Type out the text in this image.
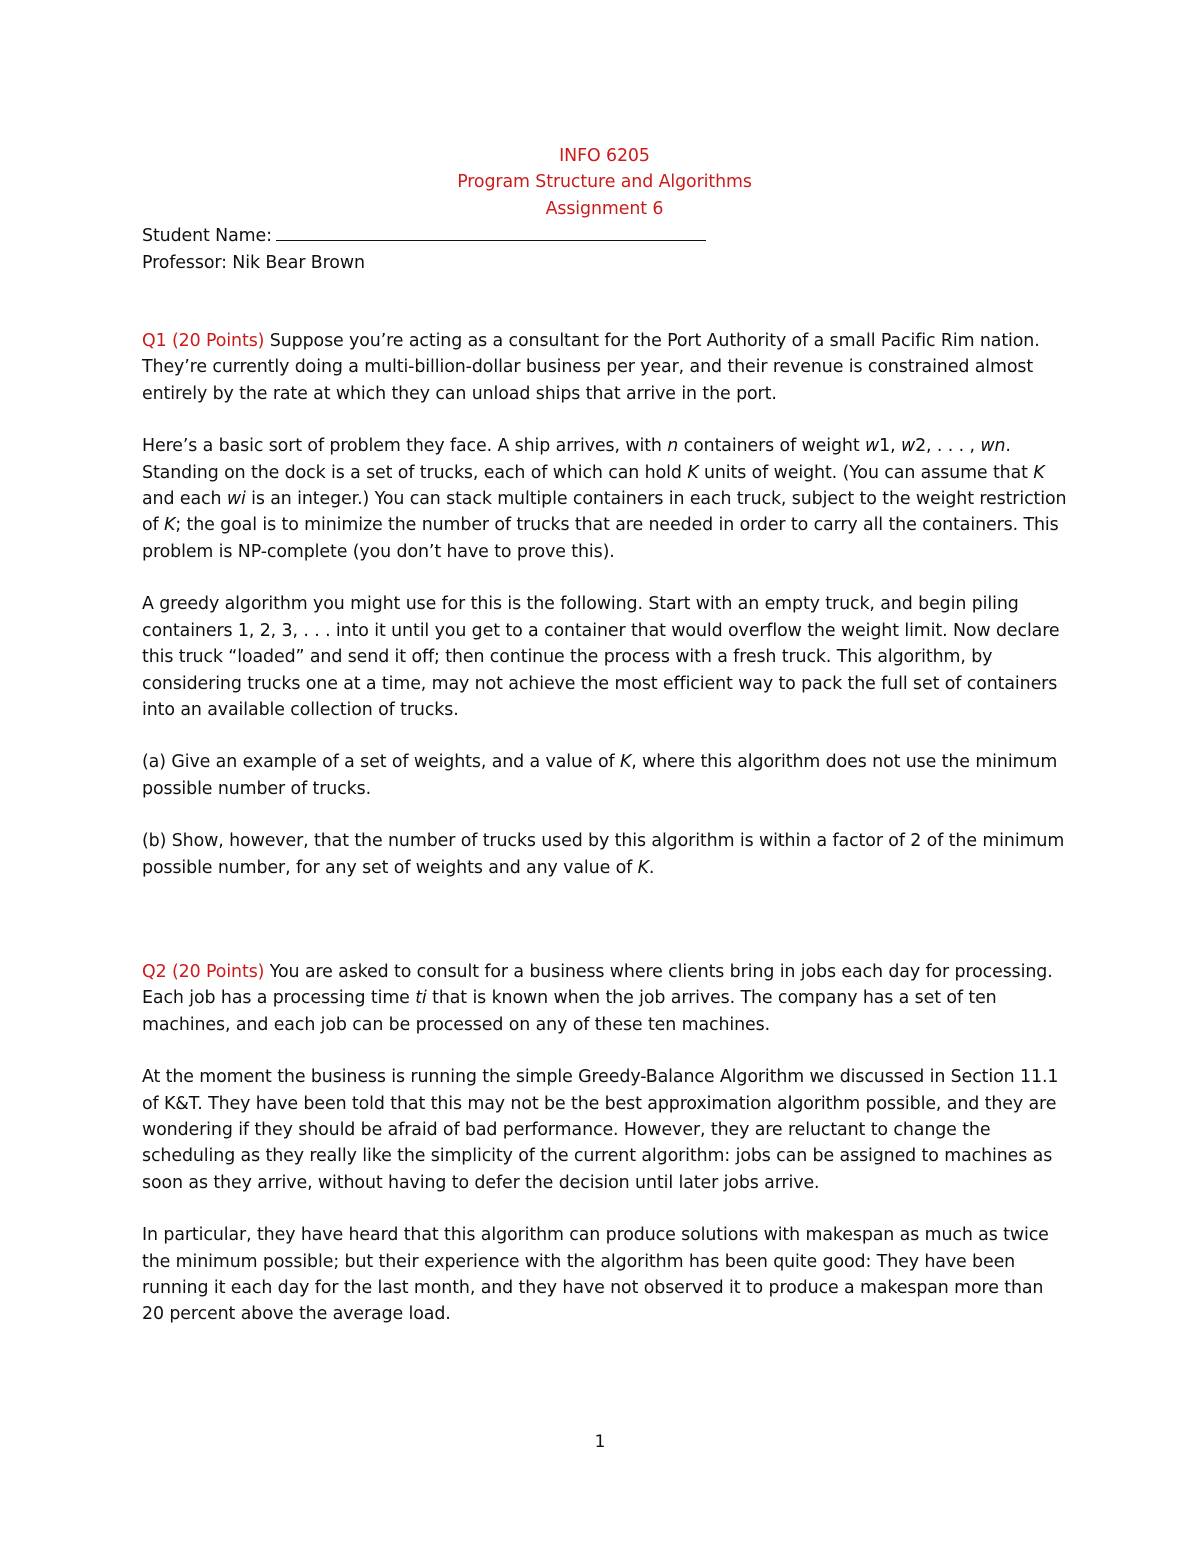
INFO 6205
Program Structure and Algorithms
Assignment 6
Student Name:
Professor: Nik Bear Brown

Q1 (20 Points) Suppose you’re acting as a consultant for the Port Authority of a small Pacific Rim nation. They’re currently doing a multi-billion-dollar business per year, and their revenue is constrained almost entirely by the rate at which they can unload ships that arrive in the port.

Here’s a basic sort of problem they face. A ship arrives, with n containers of weight w1, w2, . . . , wn. Standing on the dock is a set of trucks, each of which can hold K units of weight. (You can assume that K and each wi is an integer.) You can stack multiple containers in each truck, subject to the weight restriction of K; the goal is to minimize the number of trucks that are needed in order to carry all the containers. This problem is NP-complete (you don’t have to prove this).

A greedy algorithm you might use for this is the following. Start with an empty truck, and begin piling containers 1, 2, 3, . . . into it until you get to a container that would overflow the weight limit. Now declare this truck “loaded” and send it off; then continue the process with a fresh truck. This algorithm, by considering trucks one at a time, may not achieve the most efficient way to pack the full set of containers into an available collection of trucks.

(a) Give an example of a set of weights, and a value of K, where this algorithm does not use the minimum possible number of trucks.

(b) Show, however, that the number of trucks used by this algorithm is within a factor of 2 of the minimum possible number, for any set of weights and any value of K.

Q2 (20 Points) You are asked to consult for a business where clients bring in jobs each day for processing. Each job has a processing time ti that is known when the job arrives. The company has a set of ten machines, and each job can be processed on any of these ten machines.

At the moment the business is running the simple Greedy-Balance Algorithm we discussed in Section 11.1 of K&T. They have been told that this may not be the best approximation algorithm possible, and they are wondering if they should be afraid of bad performance. However, they are reluctant to change the scheduling as they really like the simplicity of the current algorithm: jobs can be assigned to machines as soon as they arrive, without having to defer the decision until later jobs arrive.

In particular, they have heard that this algorithm can produce solutions with makespan as much as twice the minimum possible; but their experience with the algorithm has been quite good: They have been running it each day for the last month, and they have not observed it to produce a makespan more than 20 percent above the average load.

1
